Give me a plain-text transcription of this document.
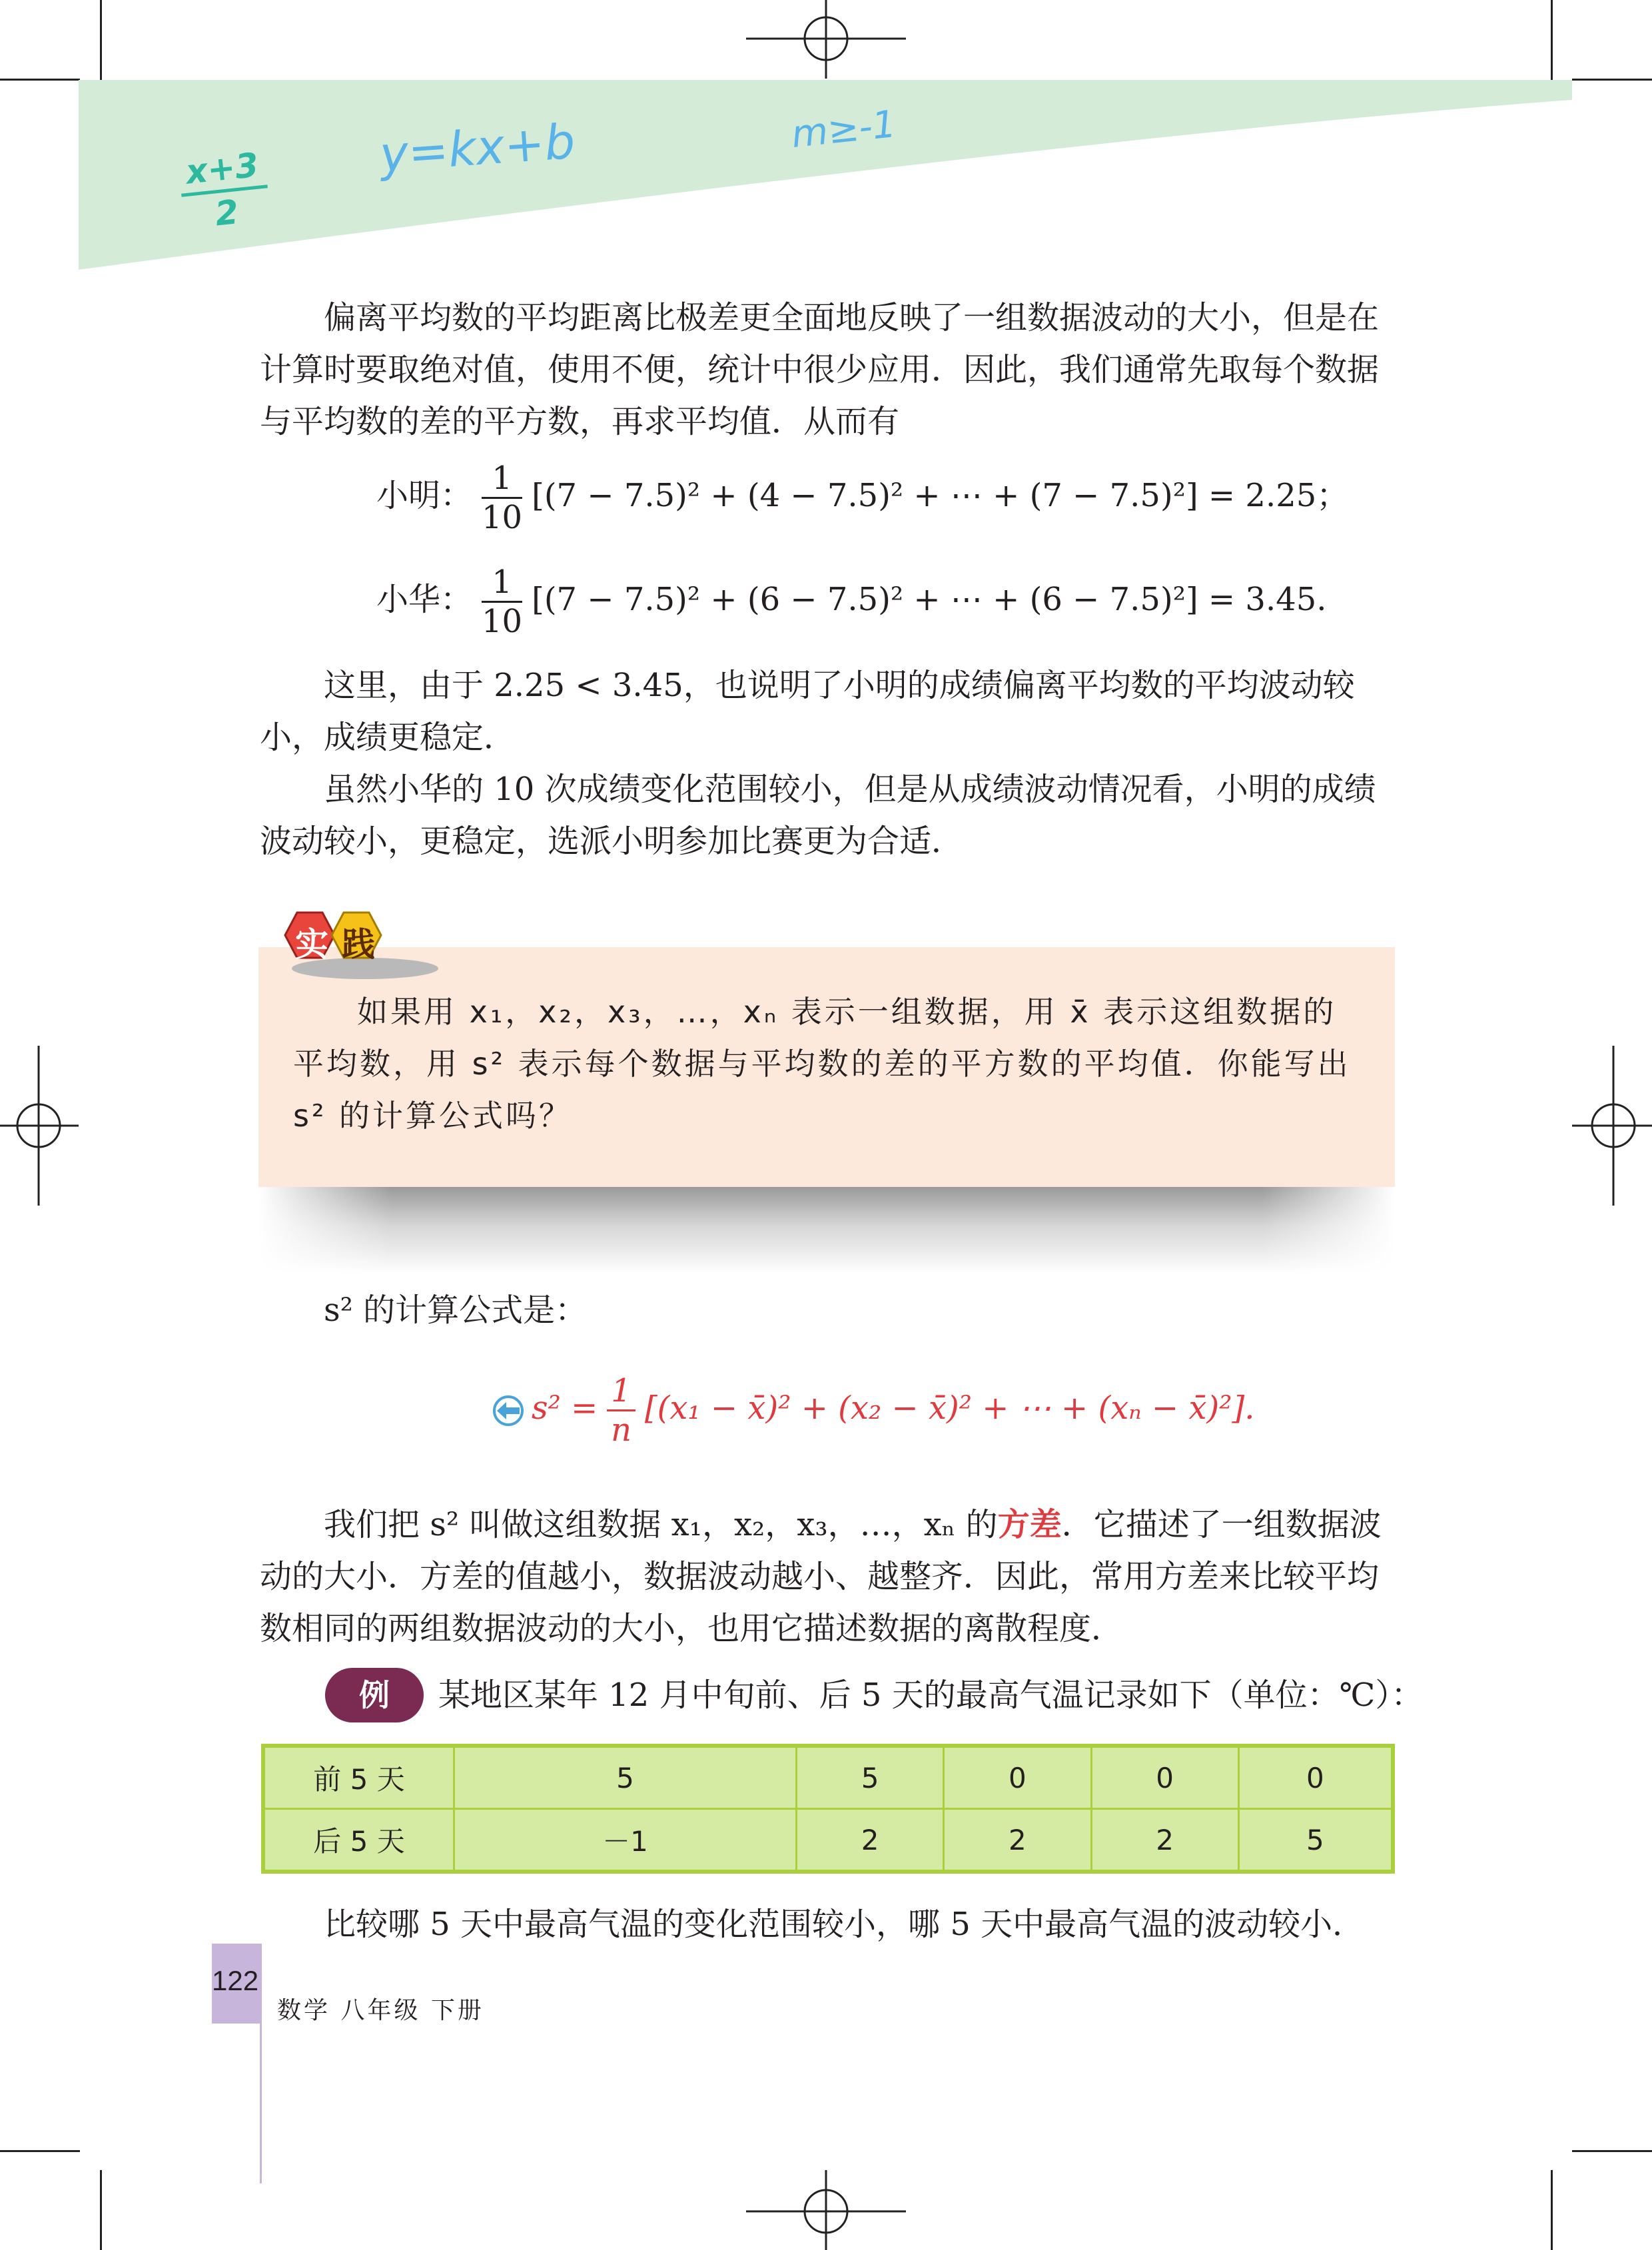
$\frac{x+3}{2} y=kx+b$	m≥-1
偏离平均数的平均距离比极差更全面地反映了一组数据波动的大小，但是在计算时要取绝对值，使用不便，统计中很少应用．因此，我们通常先取每个数据与平均数的差的平方数，再求平均值．从而有
小明： $\frac{1}{10} [(7 - 7.5)^2 + (4 - 7.5)^2$ + ⋯ + (7 − 7.5)²] = 2.25；
小华： $\frac{1}{10} [(7 - 7.5)^2 + (6 - 7.5)^2$ + ⋯ + (6 − 7.5)²] = 3.45.
这里，由于 2.25 < 3.45，也说明了小明的成绩偏离平均数的平均波动较小，成绩更稳定．
虽然小华的 10 次成绩变化范围较小，但是从成绩波动情况看，小明的成绩波动较小，更稳定，选派小明参加比赛更为合适．
实 践
如果用 x₁，x₂，x₃，…，xₙ 表示一组数据，用 x̄ 表示这组数据的平均数，用 s² 表示每个数据与平均数的差的平方数的平均值．你能写出 s² 的计算公式吗？
s² 的计算公式是：
$s^2 = \frac{1}{n} [(x_1$ − x̄)² + (x₂ − x̄)² + ⋯ + (xₙ − x̄)²].
我们把 s² 叫做这组数据 x₁，x₂，x₃，…，xₙ 的方差．它描述了一组数据波动的大小．方差的值越小，数据波动越小、越整齐．因此，常用方差来比较平均数相同的两组数据波动的大小，也用它描述数据的离散程度．
例	某地区某年 12 月中旬前、后 5 天的最高气温记录如下（单位：℃）：
前 5 天	5	5	0	0	0
后 5 天	－1	2	2	2	5
比较哪 5 天中最高气温的变化范围较小，哪 5 天中最高气温的波动较小．
122
数学 八年级 下册
